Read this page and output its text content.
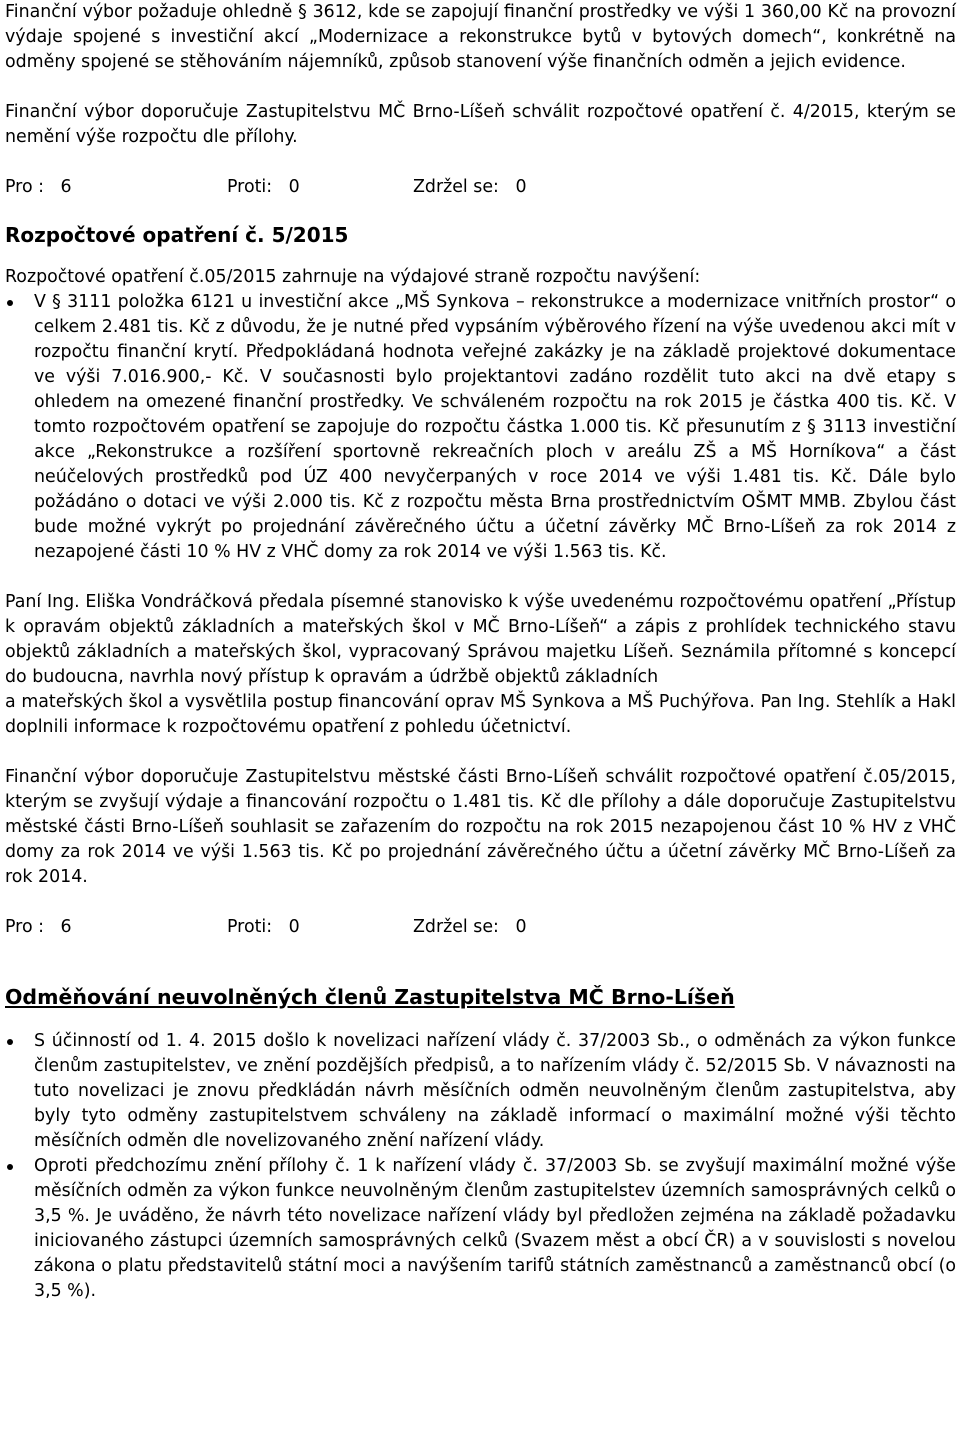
Finanční výbor požaduje ohledně § 3612, kde se zapojují finanční prostředky ve výši 1 360,00 Kč na provozní výdaje spojené s investiční akcí „Modernizace a rekonstrukce bytů v bytových domech“, konkrétně na odměny spojené se stěhováním nájemníků, způsob stanovení výše finančních odměn a jejich evidence.

Finanční výbor doporučuje Zastupitelstvu MČ Brno-Líšeň schválit rozpočtové opatření č. 4/2015, kterým se nemění výše rozpočtu dle přílohy.

Pro :   6	Proti:   0	Zdržel se:   0
Rozpočtové opatření č. 5/2015

Rozpočtové opatření č.05/2015 zahrnuje na výdajové straně rozpočtu navýšení:

V § 3111 položka 6121 u investiční akce „MŠ Synkova – rekonstrukce a modernizace vnitřních prostor“ o celkem 2.481 tis. Kč z důvodu, že je nutné před vypsáním výběrového řízení na výše uvedenou akci mít v rozpočtu finanční krytí. Předpokládaná hodnota veřejné zakázky je na základě projektové dokumentace ve výši 7.016.900,- Kč. V současnosti bylo projektantovi zadáno rozdělit tuto akci na dvě etapy s ohledem na omezené finanční prostředky. Ve schváleném rozpočtu na rok 2015 je částka 400 tis. Kč. V tomto rozpočtovém opatření se zapojuje do rozpočtu částka 1.000 tis. Kč přesunutím z § 3113 investiční akce „Rekonstrukce a rozšíření sportovně rekreačních ploch v areálu ZŠ a MŠ Horníkova“ a část neúčelových prostředků pod ÚZ 400 nevyčerpaných v roce 2014 ve výši 1.481 tis. Kč. Dále bylo požádáno o dotaci ve výši 2.000 tis. Kč z rozpočtu města Brna prostřednictvím OŠMT MMB. Zbylou část bude možné vykrýt po projednání závěrečného účtu a účetní závěrky MČ Brno-Líšeň za rok 2014 z nezapojené části 10 % HV z VHČ domy za rok 2014 ve výši 1.563 tis. Kč.

Paní Ing. Eliška Vondráčková předala písemné stanovisko k výše uvedenému rozpočtovému opatření „Přístup k opravám objektů základních a mateřských škol v MČ Brno-Líšeň“ a zápis z prohlídek technického stavu objektů základních a mateřských škol, vypracovaný Správou majetku Líšeň. Seznámila přítomné s koncepcí do budoucna, navrhla nový přístup k opravám a údržbě objektů základních

a mateřských škol a vysvětlila postup financování oprav MŠ Synkova a MŠ Puchýřova. Pan Ing. Stehlík a Hakl doplnili informace k rozpočtovému opatření z pohledu účetnictví.

Finanční výbor doporučuje Zastupitelstvu městské části Brno-Líšeň schválit rozpočtové opatření č.05/2015, kterým se zvyšují výdaje a financování rozpočtu o 1.481 tis. Kč dle přílohy a dále doporučuje Zastupitelstvu městské části Brno-Líšeň souhlasit se zařazením do rozpočtu na rok 2015 nezapojenou část 10 % HV z VHČ domy za rok 2014 ve výši 1.563 tis. Kč po projednání závěrečného účtu a účetní závěrky MČ Brno-Líšeň za rok 2014.

Pro :   6	Proti:   0	Zdržel se:   0
Odměňování neuvolněných členů Zastupitelstva MČ Brno-Líšeň
S účinností od 1. 4. 2015 došlo k novelizaci nařízení vlády č. 37/2003 Sb., o odměnách za výkon funkce členům zastupitelstev, ve znění pozdějších předpisů, a to nařízením vlády č. 52/2015 Sb. V návaznosti na tuto novelizaci je znovu předkládán návrh měsíčních odměn neuvolněným členům zastupitelstva, aby byly tyto odměny zastupitelstvem schváleny na základě informací o maximální možné výši těchto měsíčních odměn dle novelizovaného znění nařízení vlády.
Oproti předchozímu znění přílohy č. 1 k nařízení vlády č. 37/2003 Sb. se zvyšují maximální možné výše měsíčních odměn za výkon funkce neuvolněným členům zastupitelstev územních samosprávných celků o 3,5 %. Je uváděno, že návrh této novelizace nařízení vlády byl předložen zejména na základě požadavku iniciovaného zástupci územních samosprávných celků (Svazem měst a obcí ČR) a v souvislosti s novelou zákona o platu představitelů státní moci a navýšením tarifů státních zaměstnanců a zaměstnanců obcí (o 3,5 %).
